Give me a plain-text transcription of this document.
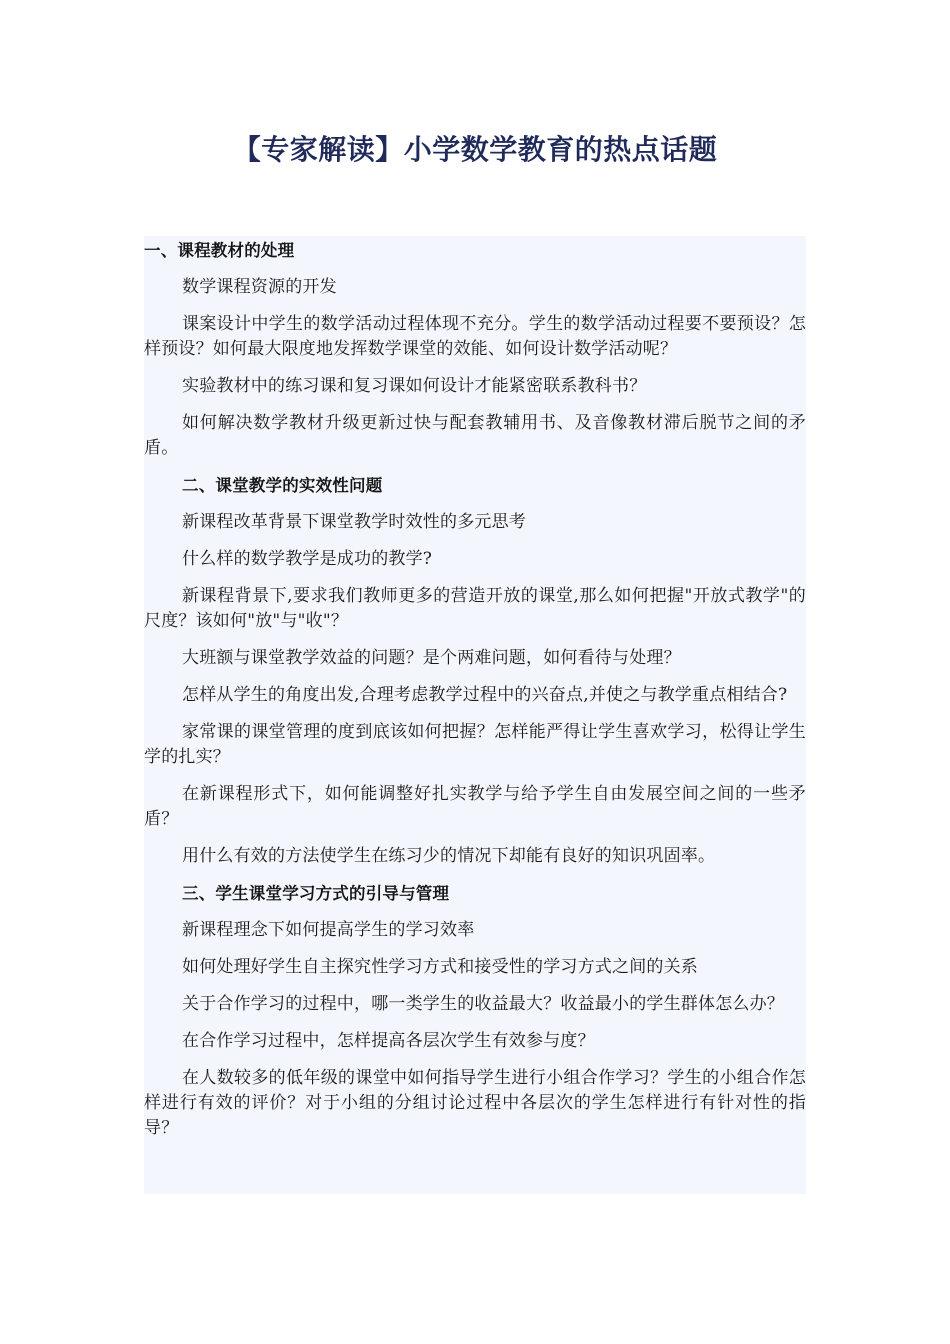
【专家解读】小学数学教育的热点话题

一、课程教材的处理

数学课程资源的开发

课案设计中学生的数学活动过程体现不充分。学生的数学活动过程要不要预设？怎样预设？如何最大限度地发挥数学课堂的效能、如何设计数学活动呢？

实验教材中的练习课和复习课如何设计才能紧密联系教科书？

如何解决数学教材升级更新过快与配套教辅用书、及音像教材滞后脱节之间的矛盾。

二、课堂教学的实效性问题

新课程改革背景下课堂教学时效性的多元思考

什么样的数学教学是成功的教学?

新课程背景下,要求我们教师更多的营造开放的课堂,那么如何把握"开放式教学"的尺度？该如何"放"与"收"？

大班额与课堂教学效益的问题？是个两难问题，如何看待与处理？

怎样从学生的角度出发,合理考虑教学过程中的兴奋点,并使之与教学重点相结合?

家常课的课堂管理的度到底该如何把握？怎样能严得让学生喜欢学习，松得让学生学的扎实？

在新课程形式下，如何能调整好扎实教学与给予学生自由发展空间之间的一些矛盾？

用什么有效的方法使学生在练习少的情况下却能有良好的知识巩固率。

三、学生课堂学习方式的引导与管理

新课程理念下如何提高学生的学习效率

如何处理好学生自主探究性学习方式和接受性的学习方式之间的关系

关于合作学习的过程中，哪一类学生的收益最大？收益最小的学生群体怎么办？

在合作学习过程中，怎样提高各层次学生有效参与度？

在人数较多的低年级的课堂中如何指导学生进行小组合作学习？学生的小组合作怎样进行有效的评价？对于小组的分组讨论过程中各层次的学生怎样进行有针对性的指导？
